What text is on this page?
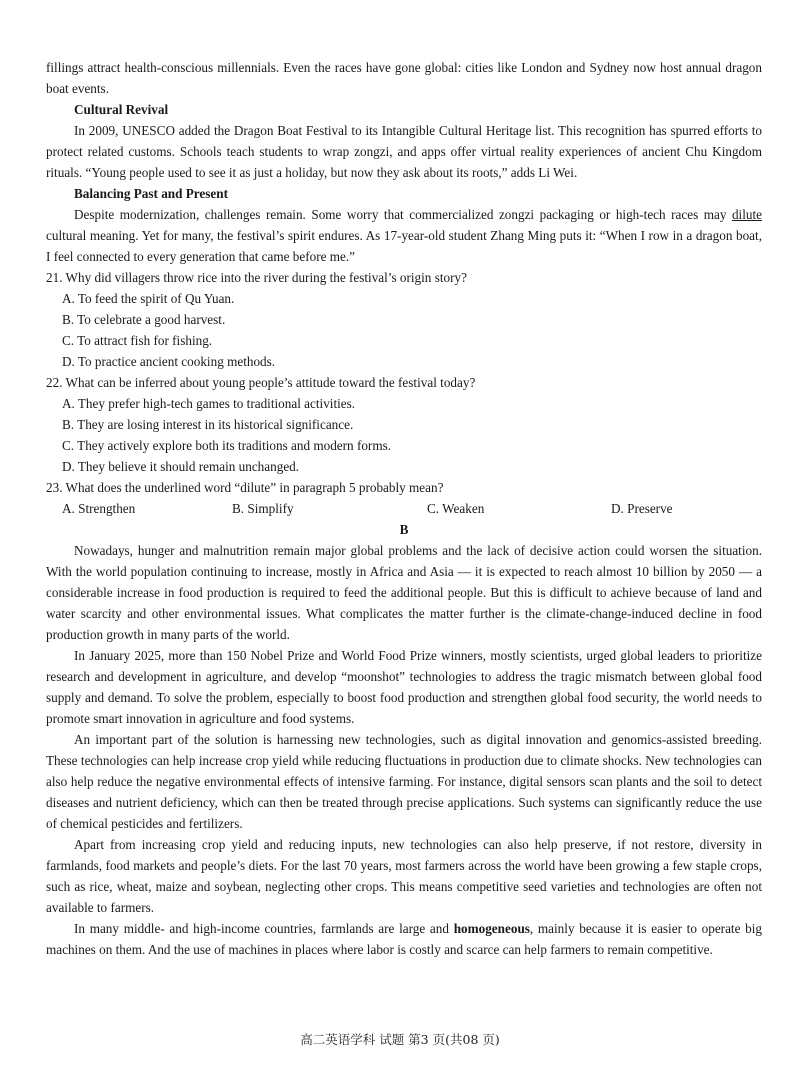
fillings attract health-conscious millennials. Even the races have gone global: cities like London and Sydney now host annual dragon boat events.

Cultural Revival

In 2009, UNESCO added the Dragon Boat Festival to its Intangible Cultural Heritage list. This recognition has spurred efforts to protect related customs. Schools teach students to wrap zongzi, and apps offer virtual reality experiences of ancient Chu Kingdom rituals. “Young people used to see it as just a holiday, but now they ask about its roots,” adds Li Wei.

Balancing Past and Present

Despite modernization, challenges remain. Some worry that commercialized zongzi packaging or high-tech races may dilute cultural meaning. Yet for many, the festival’s spirit endures. As 17-year-old student Zhang Ming puts it: “When I row in a dragon boat, I feel connected to every generation that came before me.”

21. Why did villagers throw rice into the river during the festival’s origin story?

A. To feed the spirit of Qu Yuan.

B. To celebrate a good harvest.

C. To attract fish for fishing.

D. To practice ancient cooking methods.

22. What can be inferred about young people’s attitude toward the festival today?

A. They prefer high-tech games to traditional activities.

B. They are losing interest in its historical significance.

C. They actively explore both its traditions and modern forms.

D. They believe it should remain unchanged.

23. What does the underlined word “dilute” in paragraph 5 probably mean?

A. Strengthen	B. Simplify	C. Weaken	D. Preserve

B

Nowadays, hunger and malnutrition remain major global problems and the lack of decisive action could worsen the situation. With the world population continuing to increase, mostly in Africa and Asia — it is expected to reach almost 10 billion by 2050 — a considerable increase in food production is required to feed the additional people. But this is difficult to achieve because of land and water scarcity and other environmental issues. What complicates the matter further is the climate-change-induced decline in food production growth in many parts of the world.

In January 2025, more than 150 Nobel Prize and World Food Prize winners, mostly scientists, urged global leaders to prioritize research and development in agriculture, and develop “moonshot” technologies to address the tragic mismatch between global food supply and demand. To solve the problem, especially to boost food production and strengthen global food security, the world needs to promote smart innovation in agriculture and food systems.

An important part of the solution is harnessing new technologies, such as digital innovation and genomics-assisted breeding. These technologies can help increase crop yield while reducing fluctuations in production due to climate shocks. New technologies can also help reduce the negative environmental effects of intensive farming. For instance, digital sensors scan plants and the soil to detect diseases and nutrient deficiency, which can then be treated through precise applications. Such systems can significantly reduce the use of chemical pesticides and fertilizers.

Apart from increasing crop yield and reducing inputs, new technologies can also help preserve, if not restore, diversity in farmlands, food markets and people’s diets. For the last 70 years, most farmers across the world have been growing a few staple crops, such as rice, wheat, maize and soybean, neglecting other crops. This means competitive seed varieties and technologies are often not available to farmers.

In many middle- and high-income countries, farmlands are large and homogeneous, mainly because it is easier to operate big machines on them. And the use of machines in places where labor is costly and scarce can help farmers to remain competitive.

高二英语学科 试题 第3 页(共08 页)
